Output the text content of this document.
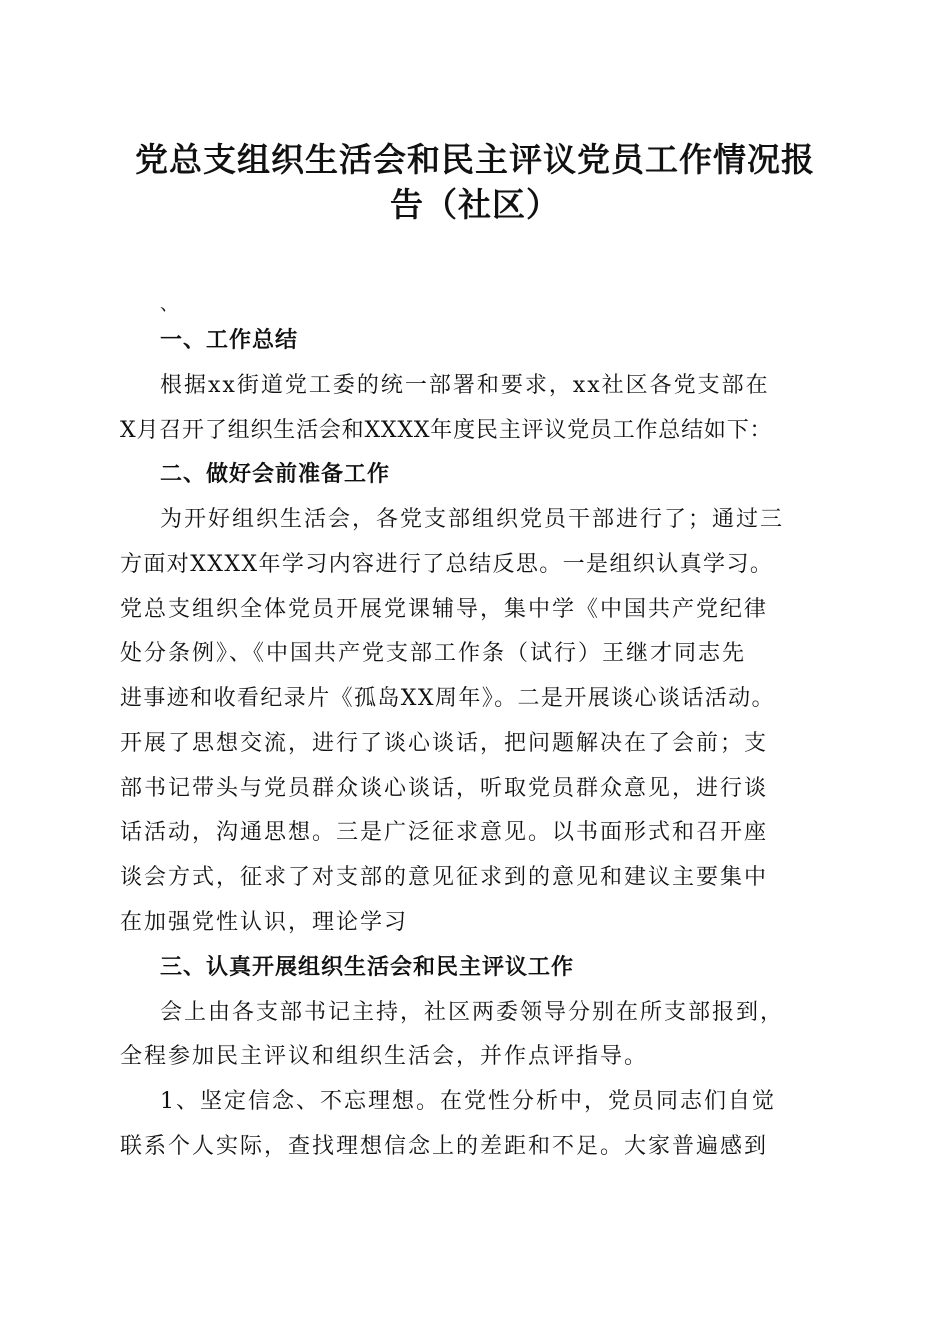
党总支组织生活会和民主评议党员工作情况报
告（社区）
、
一、工作总结
根据xx街道党工委的统一部署和要求，xx社区各党支部在
X月召开了组织生活会和XXXX年度民主评议党员工作总结如下：
二、做好会前准备工作
为开好组织生活会，各党支部组织党员干部进行了；通过三
方面对XXXX年学习内容进行了总结反思。一是组织认真学习。
党总支组织全体党员开展党课辅导，集中学《中国共产党纪律
处分条例》、《中国共产党支部工作条（试行）王继才同志先
进事迹和收看纪录片《孤岛XX周年》。二是开展谈心谈话活动。
开展了思想交流，进行了谈心谈话，把问题解决在了会前；支
部书记带头与党员群众谈心谈话，听取党员群众意见，进行谈
话活动，沟通思想。三是广泛征求意见。以书面形式和召开座
谈会方式，征求了对支部的意见征求到的意见和建议主要集中
在加强党性认识，理论学习
三、认真开展组织生活会和民主评议工作
会上由各支部书记主持，社区两委领导分别在所支部报到，
全程参加民主评议和组织生活会，并作点评指导。
1、坚定信念、不忘理想。在党性分析中，党员同志们自觉
联系个人实际，查找理想信念上的差距和不足。大家普遍感到
